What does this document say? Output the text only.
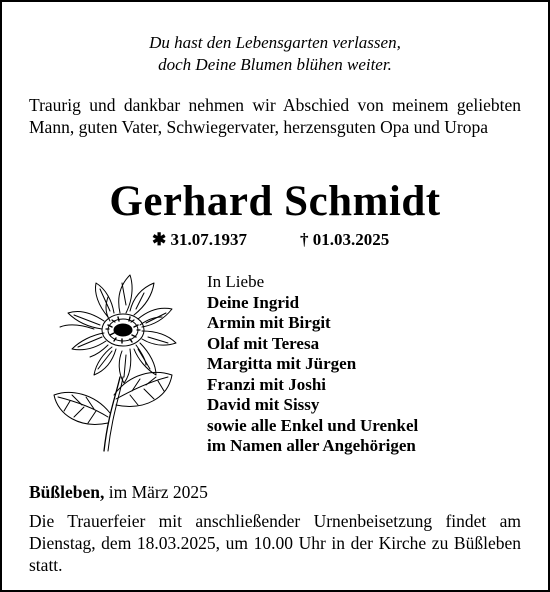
Du hast den Lebensgarten verlassen,
doch Deine Blumen blühen weiter.
Traurig und dankbar nehmen wir Abschied von meinem geliebten Mann, guten Vater, Schwiegervater, herzensguten Opa und Uropa
Gerhard Schmidt
✱ 31.07.1937	† 01.03.2025
In Liebe
Deine Ingrid
Armin mit Birgit
Olaf mit Teresa
Margitta mit Jürgen
Franzi mit Joshi
David mit Sissy
sowie alle Enkel und Urenkel
im Namen aller Angehörigen
Büßleben, im März 2025
Die Trauerfeier mit anschließender Urnenbeisetzung findet am Dienstag, dem 18.03.2025, um 10.00 Uhr in der Kirche zu Büßleben statt.
